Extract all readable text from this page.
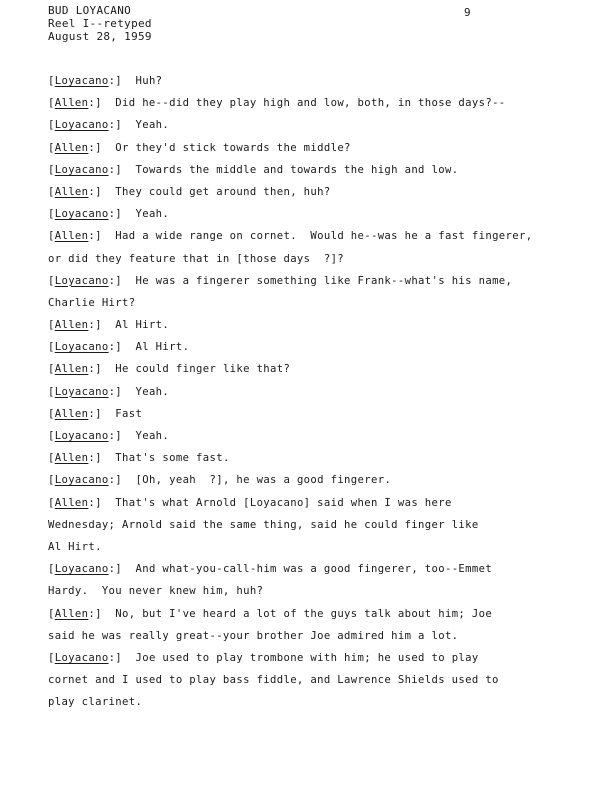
BUD LOYACANO
Reel I--retyped
August 28, 1959
9
[Loyacano:]  Huh?
[Allen:]  Did he--did they play high and low, both, in those days?--
[Loyacano:]  Yeah.
[Allen:]  Or they'd stick towards the middle?
[Loyacano:]  Towards the middle and towards the high and low.
[Allen:]  They could get around then, huh?
[Loyacano:]  Yeah.
[Allen:]  Had a wide range on cornet.  Would he--was he a fast fingerer,
or did they feature that in [those days  ?]?
[Loyacano:]  He was a fingerer something like Frank--what's his name,
Charlie Hirt?
[Allen:]  Al Hirt.
[Loyacano:]  Al Hirt.
[Allen:]  He could finger like that?
[Loyacano:]  Yeah.
[Allen:]  Fast
[Loyacano:]  Yeah.
[Allen:]  That's some fast.
[Loyacano:]  [Oh, yeah  ?], he was a good fingerer.
[Allen:]  That's what Arnold [Loyacano] said when I was here
Wednesday; Arnold said the same thing, said he could finger like
Al Hirt.
[Loyacano:]  And what-you-call-him was a good fingerer, too--Emmet
Hardy.  You never knew him, huh?
[Allen:]  No, but I've heard a lot of the guys talk about him; Joe
said he was really great--your brother Joe admired him a lot.
[Loyacano:]  Joe used to play trombone with him; he used to play
cornet and I used to play bass fiddle, and Lawrence Shields used to
play clarinet.
